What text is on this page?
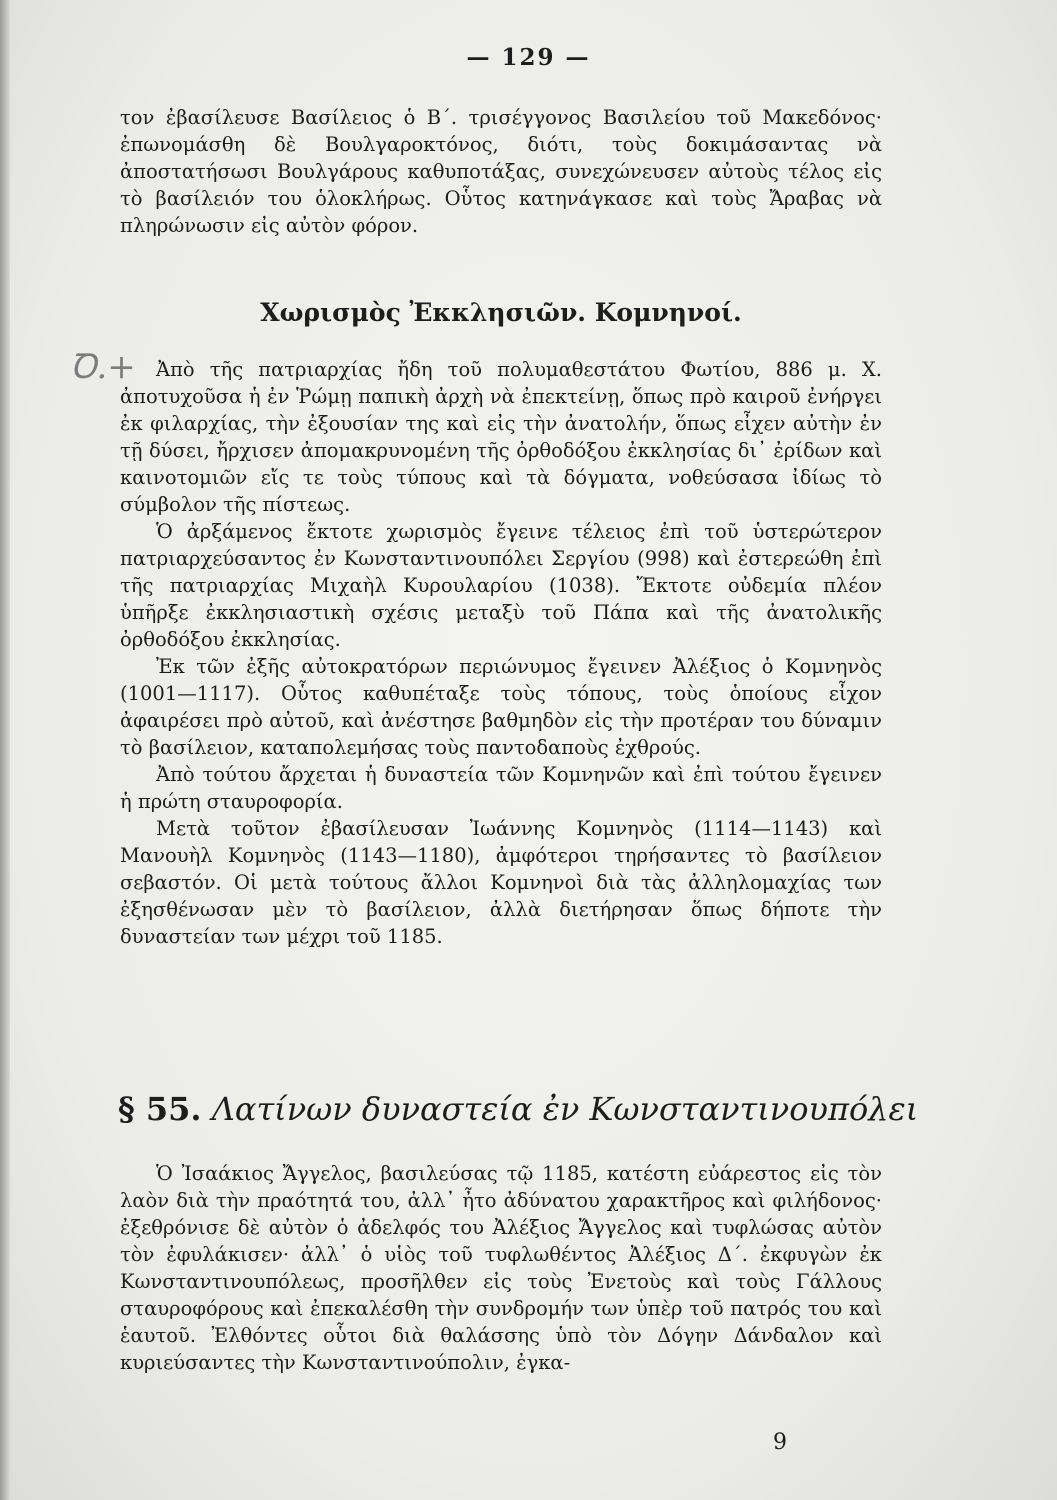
— 129 —

τον ἐβασίλευσε Βασίλειος ὁ Β΄. τρισέγγονος Βασιλείου τοῦ Μακεδόνος· ἐπωνομάσθη δὲ Βουλγαροκτόνος, διότι, τοὺς δοκιμάσαντας νὰ ἀποστατήσωσι Βουλγάρους καθυποτάξας, συνεχώνευσεν αὐτοὺς τέλος εἰς τὸ βασίλειόν του ὁλοκλήρως. Οὗτος κατηνάγκασε καὶ τοὺς Ἄραβας νὰ πληρώνωσιν εἰς αὐτὸν φόρον.

Χωρισμὸς Ἐκκλησιῶν. Κομνηνοί.
Ꝺ.+	Ἀπὸ τῆς πατριαρχίας ἤδη τοῦ πολυμαθεστάτου Φωτίου, 886 μ. Χ. ἀποτυχοῦσα ἡ ἐν Ῥώμῃ παπικὴ ἀρχὴ νὰ ἐπεκτείνῃ, ὅπως πρὸ καιροῦ ἐνήργει ἐκ φιλαρχίας, τὴν ἐξουσίαν της καὶ εἰς τὴν ἀνατολήν, ὅπως εἶχεν αὐτὴν ἐν τῇ δύσει, ἤρχισεν ἀπομακρυνομένη τῆς ὀρθοδόξου ἐκκλησίας δι᾽ ἐρίδων καὶ καινοτομιῶν εἴς τε τοὺς τύπους καὶ τὰ δόγματα, νοθεύσασα ἰδίως τὸ σύμβολον τῆς πίστεως.

Ὁ ἀρξάμενος ἔκτοτε χωρισμὸς ἔγεινε τέλειος ἐπὶ τοῦ ὑστερώτερον πατριαρχεύσαντος ἐν Κωνσταντινουπόλει Σεργίου (998) καὶ ἐστερεώθη ἐπὶ τῆς πατριαρχίας Μιχαὴλ Κυρουλαρίου (1038). Ἔκτοτε οὐδεμία πλέον ὑπῆρξε ἐκκλησιαστικὴ σχέσις μεταξὺ τοῦ Πάπα καὶ τῆς ἀνατολικῆς ὀρθοδόξου ἐκκλησίας.

Ἐκ τῶν ἐξῆς αὐτοκρατόρων περιώνυμος ἔγεινεν Ἀλέξιος ὁ Κομνηνὸς (1001—1117). Οὗτος καθυπέταξε τοὺς τόπους, τοὺς ὁποίους εἶχον ἀφαιρέσει πρὸ αὐτοῦ, καὶ ἀνέστησε βαθμηδὸν εἰς τὴν προτέραν του δύναμιν τὸ βασίλειον, καταπολεμήσας τοὺς παντοδαποὺς ἐχθρούς.

Ἀπὸ τούτου ἄρχεται ἡ δυναστεία τῶν Κομνηνῶν καὶ ἐπὶ τούτου ἔγεινεν ἡ πρώτη σταυροφορία.

Μετὰ τοῦτον ἐβασίλευσαν Ἰωάννης Κομνηνὸς (1114—1143) καὶ Μανουὴλ Κομνηνὸς (1143—1180), ἀμφότεροι τηρήσαντες τὸ βασίλειον σεβαστόν. Οἱ μετὰ τούτους ἄλλοι Κομνηνοὶ διὰ τὰς ἀλληλομαχίας των ἐξησθένωσαν μὲν τὸ βασίλειον, ἀλλὰ διετήρησαν ὅπως δήποτε τὴν δυναστείαν των μέχρι τοῦ 1185.

§ 55. Λατίνων δυναστεία ἐν Κωνσταντινουπόλει

Ὁ Ἰσαάκιος Ἄγγελος, βασιλεύσας τῷ 1185, κατέστη εὐάρεστος εἰς τὸν λαὸν διὰ τὴν πραότητά του, ἀλλ᾽ ἦτο ἀδύνατου χαρακτῆρος καὶ φιλήδονος· ἐξεθρόνισε δὲ αὐτὸν ὁ ἀδελφός του Ἀλέξιος Ἄγγελος καὶ τυφλώσας αὐτὸν τὸν ἐφυλάκισεν· ἀλλ᾽ ὁ υἱὸς τοῦ τυφλωθέντος Ἀλέξιος Δ΄. ἐκφυγὼν ἐκ Κωνσταντινουπόλεως, προσῆλθεν εἰς τοὺς Ἐνετοὺς καὶ τοὺς Γάλλους σταυροφόρους καὶ ἐπεκαλέσθη τὴν συνδρομήν των ὑπὲρ τοῦ πατρός του καὶ ἑαυτοῦ. Ἐλθόντες οὗτοι διὰ θαλάσσης ὑπὸ τὸν Δόγην Δάνδαλον καὶ κυριεύσαντες τὴν Κωνσταντινούπολιν, ἐγκα-

9
